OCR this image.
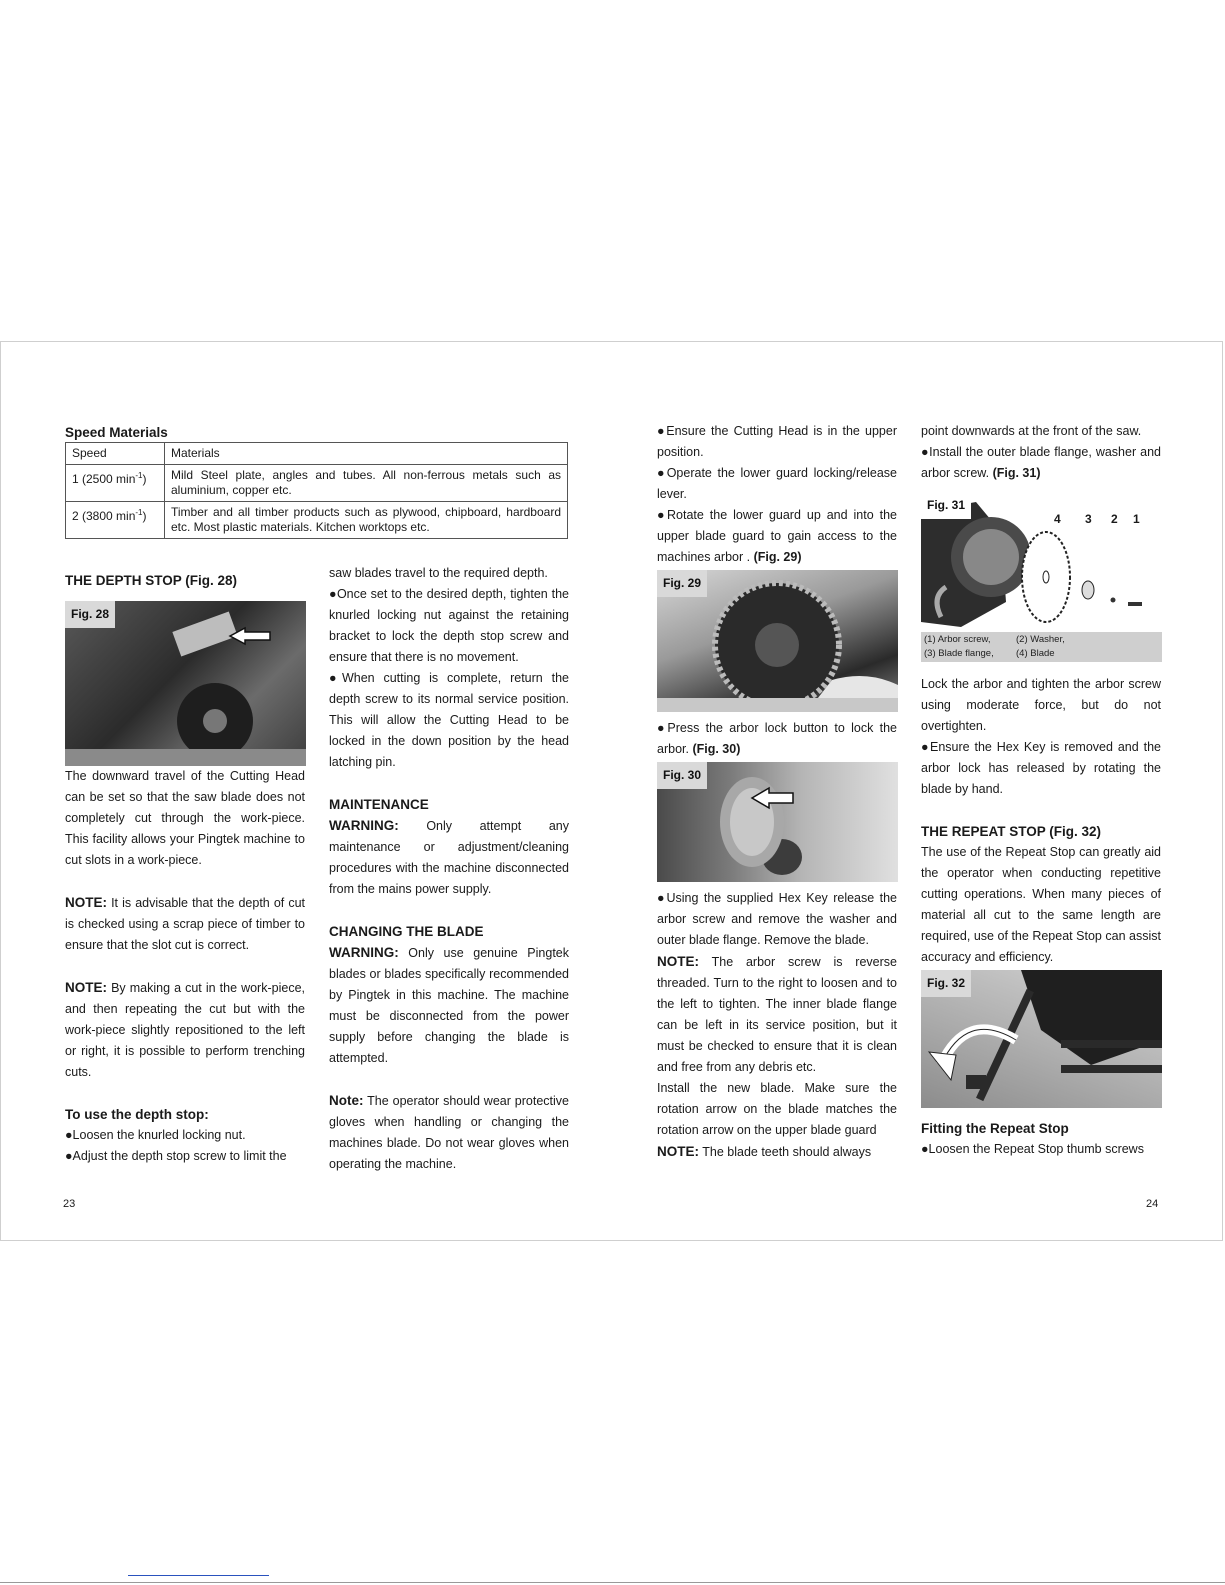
Speed Materials
Speed	Materials
1 (2500 $\min^{-1}$)	Mild Steel plate, angles and tubes. All non-ferrous metals such as aluminium, copper etc.
2 (3800 $\min^{-1}$)	Timber and all timber products such as plywood, chipboard, hardboard etc. Most plastic materials. Kitchen worktops etc.

THE DEPTH STOP (Fig. 28)

Fig. 28

The downward travel of the Cutting Head can be set so that the saw blade does not completely cut through the work-piece. This facility allows your Pingtek machine to cut slots in a work-piece.

NOTE: It is advisable that the depth of cut is checked using a scrap piece of timber to ensure that the slot cut is correct.

NOTE: By making a cut in the work-piece, and then repeating the cut but with the work-piece slightly repositioned to the left or right, it is possible to perform trenching cuts.

To use the depth stop:

●Loosen the knurled locking nut.

●Adjust the depth stop screw to limit the

saw blades travel to the required depth.

●Once set to the desired depth, tighten the knurled locking nut against the retaining bracket to lock the depth stop screw and ensure that there is no movement.

●When cutting is complete, return the depth screw to its normal service position. This will allow the Cutting Head to be locked in the down position by the head latching pin.

MAINTENANCE

WARNING: Only attempt any maintenance or adjustment/cleaning procedures with the machine disconnected from the mains power supply.

CHANGING THE BLADE

WARNING: Only use genuine Pingtek blades or blades specifically recommended by Pingtek in this machine. The machine must be disconnected from the power supply before changing the blade is attempted.

Note: The operator should wear protective gloves when handling or changing the machines blade. Do not wear gloves when operating the machine.

●Ensure the Cutting Head is in the upper position.

●Operate the lower guard locking/release lever.

●Rotate the lower guard up and into the upper blade guard to gain access to the machines arbor . (Fig. 29)

Fig. 29

●Press the arbor lock button to lock the arbor. (Fig. 30)

Fig. 30

●Using the supplied Hex Key release the arbor screw and remove the washer and outer blade flange. Remove the blade.

NOTE: The arbor screw is reverse threaded. Turn to the right to loosen and to the left to tighten. The inner blade flange can be left in its service position, but it must be checked to ensure that it is clean and free from any debris etc.

Install the new blade. Make sure the rotation arrow on the blade matches the rotation arrow on the upper blade guard

NOTE: The blade teeth should always

point downwards at the front of the saw.

●Install the outer blade flange, washer and arbor screw. (Fig. 31)

Fig. 31
4 3 2 1
(1) Arbor screw,	(2) Washer,
(3) Blade flange, (4) Blade

Lock the arbor and tighten the arbor screw using moderate force, but do not overtighten.

●Ensure the Hex Key is removed and the arbor lock has released by rotating the blade by hand.

THE REPEAT STOP (Fig. 32)

The use of the Repeat Stop can greatly aid the operator when conducting repetitive cutting operations. When many pieces of material all cut to the same length are required, use of the Repeat Stop can assist accuracy and efficiency.

Fig. 32

Fitting the Repeat Stop

●Loosen the Repeat Stop thumb screws

23	24
